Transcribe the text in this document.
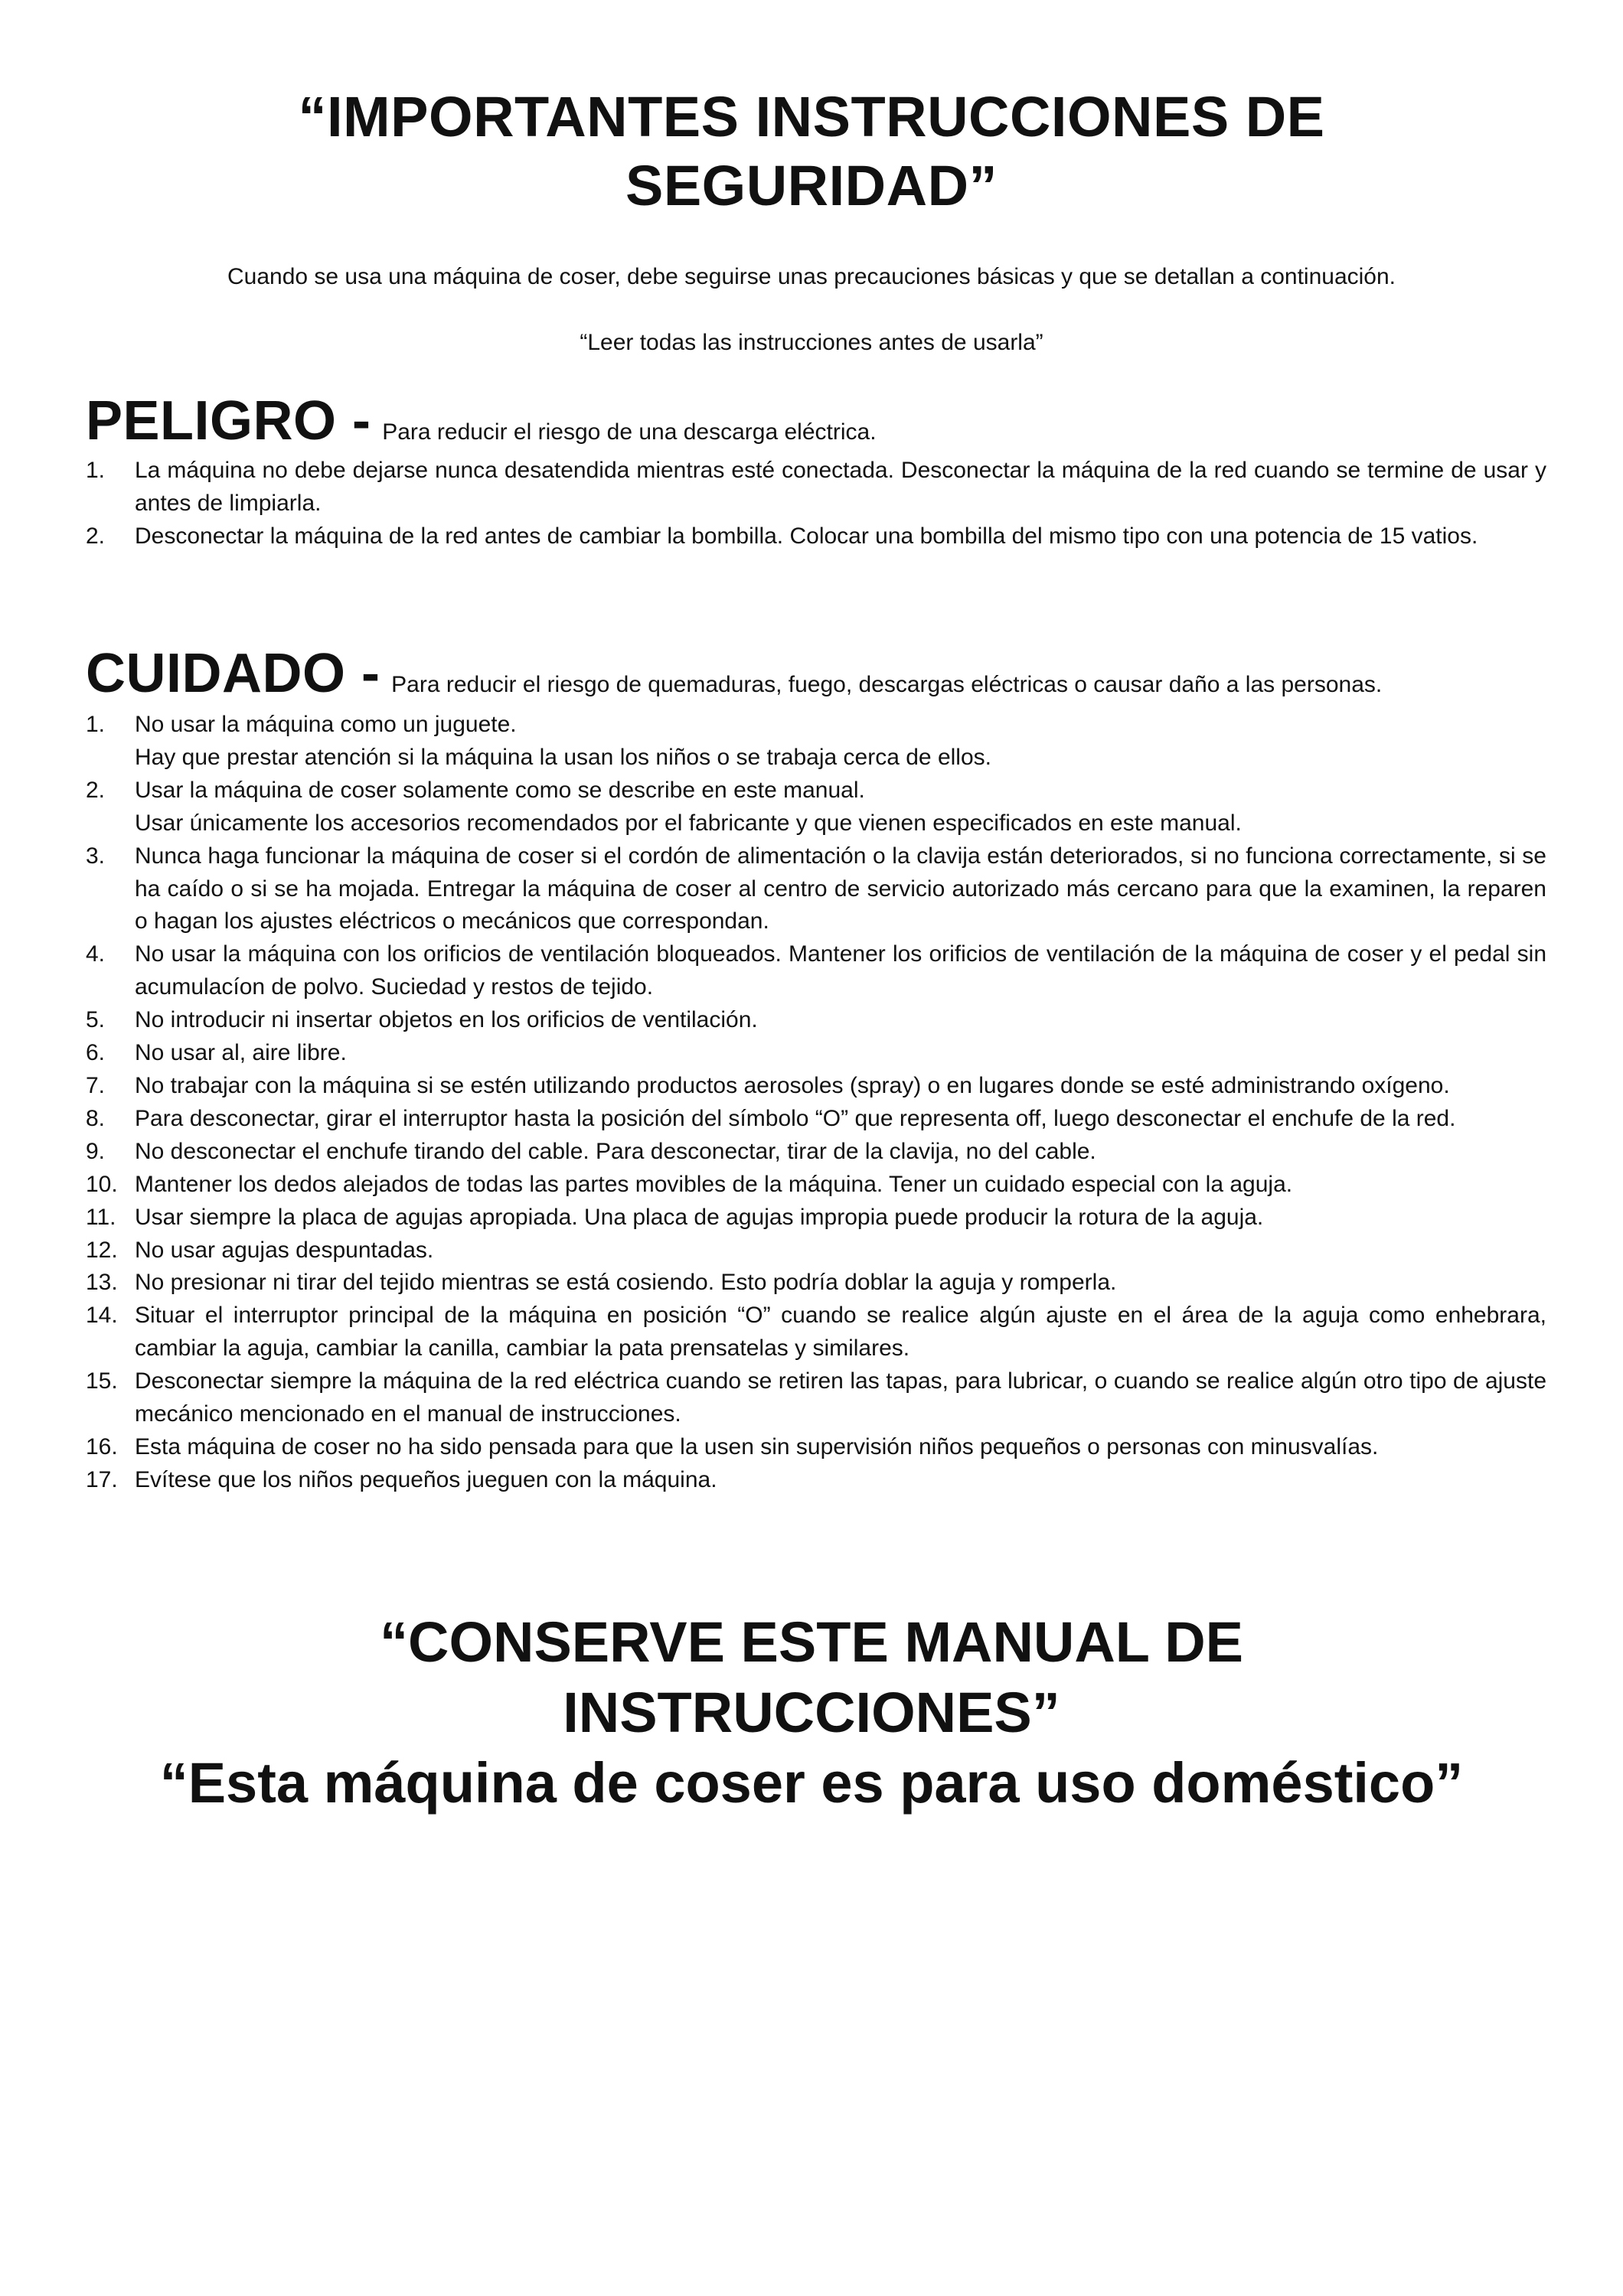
“IMPORTANTES INSTRUCCIONES DE SEGURIDAD”

Cuando se usa una máquina de coser, debe seguirse unas precauciones básicas y que se detallan a continuación.

“Leer todas las instrucciones antes de usarla”

PELIGRO - Para reducir el riesgo de una descarga eléctrica.
1.	La máquina no debe dejarse nunca desatendida mientras esté conectada. Desconectar la máquina de la red cuando se termine de usar y antes de limpiarla.
2.	Desconectar la máquina de la red antes de cambiar la bombilla. Colocar una bombilla del mismo tipo con una potencia de 15 vatios.
CUIDADO - Para reducir el riesgo de quemaduras, fuego, descargas eléctricas o causar daño a las personas.
1.	No usar la máquina como un juguete.
Hay que prestar atención si la máquina la usan los niños o se trabaja cerca de ellos.
2.	Usar la máquina de coser solamente como se describe en este manual.
Usar únicamente los accesorios recomendados por el fabricante y que vienen especificados en este manual.
3.	Nunca haga funcionar la máquina de coser si el cordón de alimentación o la clavija están deteriorados, si no funciona correctamente, si se ha caído o si se ha mojada. Entregar la máquina de coser al centro de servicio autorizado más cercano para que la examinen, la reparen o hagan los ajustes eléctricos o mecánicos que correspondan.
4.	No usar la máquina con los orificios de ventilación bloqueados. Mantener los orificios de ventilación de la máquina de coser y el pedal sin acumulacíon de polvo. Suciedad y restos de tejido.
5.	No introducir ni insertar objetos en los orificios de ventilación.
6.	No usar al, aire libre.
7.	No trabajar con la máquina si se estén utilizando productos aerosoles (spray) o en lugares donde se esté administrando oxígeno.
8.	Para desconectar, girar el interruptor hasta la posición del símbolo “O” que representa off, luego desconectar el enchufe de la red.
9.	No desconectar el enchufe tirando del cable. Para desconectar, tirar de la clavija, no del cable.
10. Mantener los dedos alejados de todas las partes movibles de la máquina. Tener un cuidado especial con la aguja.
11. Usar siempre la placa de agujas apropiada. Una placa de agujas impropia puede producir la rotura de la aguja.
12. No usar agujas despuntadas.
13. No presionar ni tirar del tejido mientras se está cosiendo. Esto podría doblar la aguja y romperla.
14. Situar el interruptor principal de la máquina en posición “O” cuando se realice algún ajuste en el área de la aguja como enhebrara, cambiar la aguja, cambiar la canilla, cambiar la pata prensatelas y similares.
15. Desconectar siempre la máquina de la red eléctrica cuando se retiren las tapas, para lubricar, o cuando se realice algún otro tipo de ajuste mecánico mencionado en el manual de instrucciones.
16. Esta máquina de coser no ha sido pensada para que la usen sin supervisión niños pequeños o personas con minusvalías.
17. Evítese que los niños pequeños jueguen con la máquina.
“CONSERVE ESTE MANUAL DE INSTRUCCIONES”
“Esta máquina de coser es para uso doméstico”
